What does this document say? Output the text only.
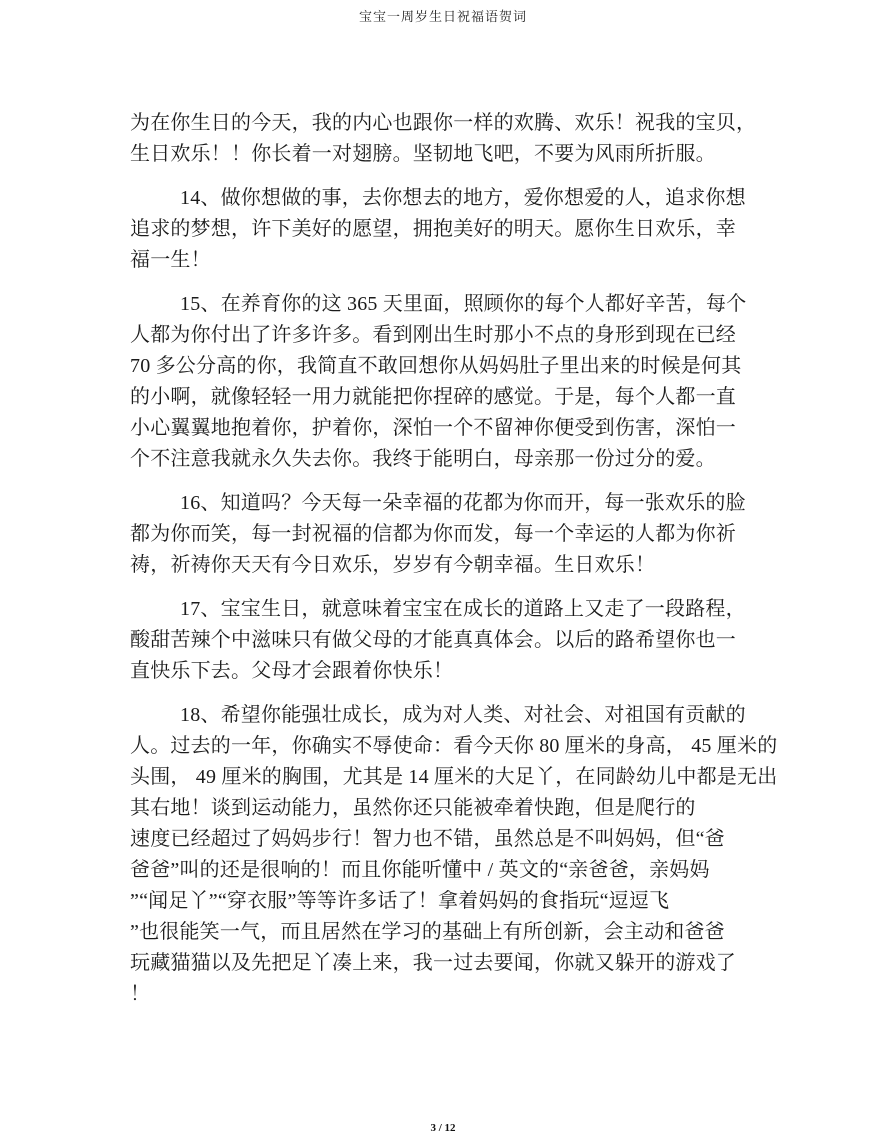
宝宝一周岁生日祝福语贺词
为在你生日的今天，我的内心也跟你一样的欢腾、欢乐！祝我的宝贝，
生日欢乐！！你长着一对翅膀。坚韧地飞吧，不要为风雨所折服。
14、做你想做的事，去你想去的地方，爱你想爱的人，追求你想
追求的梦想，许下美好的愿望，拥抱美好的明天。愿你生日欢乐，幸
福一生！
15、在养育你的这 365 天里面，照顾你的每个人都好辛苦，每个
人都为你付出了许多许多。看到刚出生时那小不点的身形到现在已经
70 多公分高的你，我简直不敢回想你从妈妈肚子里出来的时候是何其
的小啊，就像轻轻一用力就能把你捏碎的感觉。于是，每个人都一直
小心翼翼地抱着你，护着你，深怕一个不留神你便受到伤害，深怕一
个不注意我就永久失去你。我终于能明白，母亲那一份过分的爱。
16、知道吗？今天每一朵幸福的花都为你而开，每一张欢乐的脸
都为你而笑，每一封祝福的信都为你而发，每一个幸运的人都为你祈
祷，祈祷你天天有今日欢乐，岁岁有今朝幸福。生日欢乐！
17、宝宝生日，就意味着宝宝在成长的道路上又走了一段路程，
酸甜苦辣个中滋味只有做父母的才能真真体会。以后的路希望你也一
直快乐下去。父母才会跟着你快乐！
18、希望你能强壮成长，成为对人类、对社会、对祖国有贡献的
人。过去的一年，你确实不辱使命：看今天你 80 厘米的身高， 45 厘米的
头围， 49 厘米的胸围，尤其是 14 厘米的大足丫，在同龄幼儿中都是无出
其右地！谈到运动能力，虽然你还只能被牵着快跑，但是爬行的
速度已经超过了妈妈步行！智力也不错，虽然总是不叫妈妈，但“爸
爸爸”叫的还是很响的！而且你能听懂中 / 英文的“亲爸爸，亲妈妈
”“闻足丫”“穿衣服”等等许多话了！拿着妈妈的食指玩“逗逗飞
”也很能笑一气，而且居然在学习的基础上有所创新，会主动和爸爸
玩藏猫猫以及先把足丫凑上来，我一过去要闻，你就又躲开的游戏了
！
3 / 12
